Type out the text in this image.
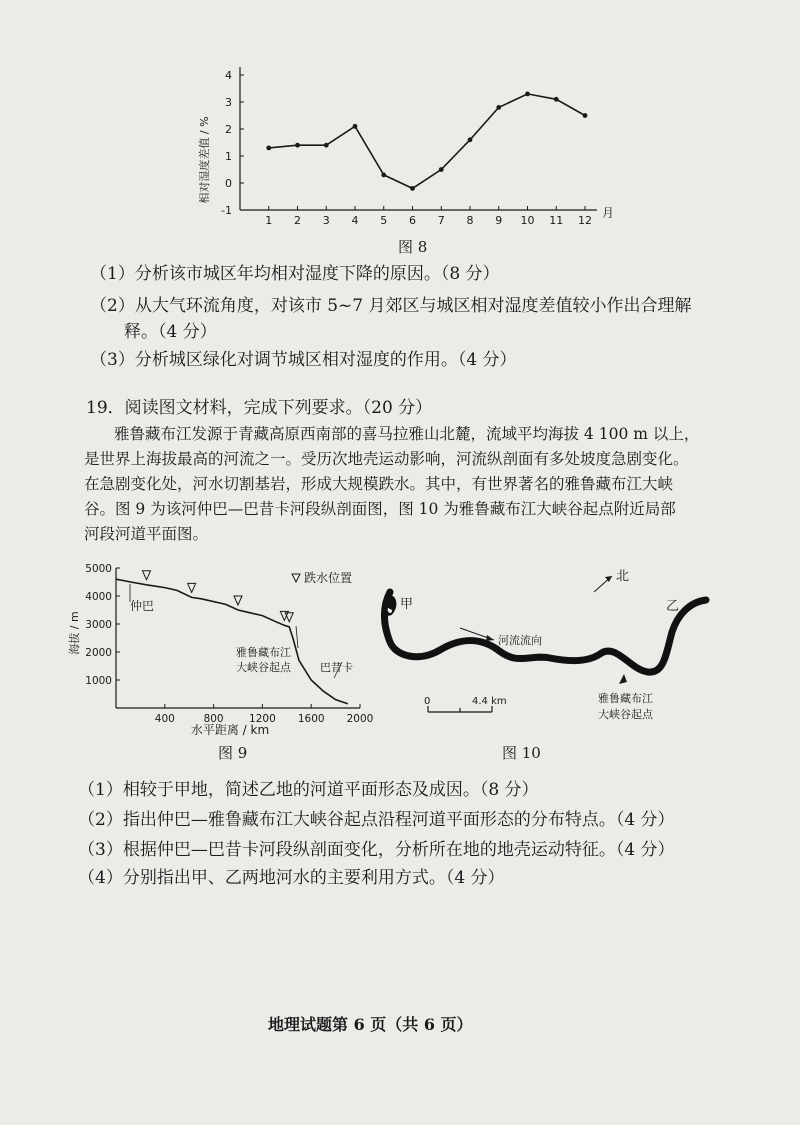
-1
0
1
2
3
4
1 2 3 4 5 6 7 8 9 10 11 12
相对湿度差值 / %
月
图 8
（1）分析该市城区年均相对湿度下降的原因。（8 分）
（2）从大气环流角度，对该市 5~7 月郊区与城区相对湿度差值较小作出合理解
释。（4 分）
（3）分析城区绿化对调节城区相对湿度的作用。（4 分）
19．阅读图文材料，完成下列要求。（20 分）
雅鲁藏布江发源于青藏高原西南部的喜马拉雅山北麓，流域平均海拔 4 100 m 以上，
是世界上海拔最高的河流之一。受历次地壳运动影响，河流纵剖面有多处坡度急剧变化。
在急剧变化处，河水切割基岩，形成大规模跌水。其中，有世界著名的雅鲁藏布江大峡
谷。图 9 为该河仲巴—巴昔卡河段纵剖面图，图 10 为雅鲁藏布江大峡谷起点附近局部
河段河道平面图。
1000
2000
3000
4000
5000
400	800 1200 1600 2000
海拔 / m
水平距离 / km
跌水位置
仲巴
雅鲁藏布江
大峡谷起点	巴昔卡
图 9
北
甲	乙
河流流向
0	4.4 km	雅鲁藏布江
大峡谷起点
图 10
（1）相较于甲地，简述乙地的河道平面形态及成因。（8 分）
（2）指出仲巴—雅鲁藏布江大峡谷起点沿程河道平面形态的分布特点。（4 分）
（3）根据仲巴—巴昔卡河段纵剖面变化，分析所在地的地壳运动特征。（4 分）
（4）分别指出甲、乙两地河水的主要利用方式。（4 分）
地理试题第 6 页（共 6 页）
